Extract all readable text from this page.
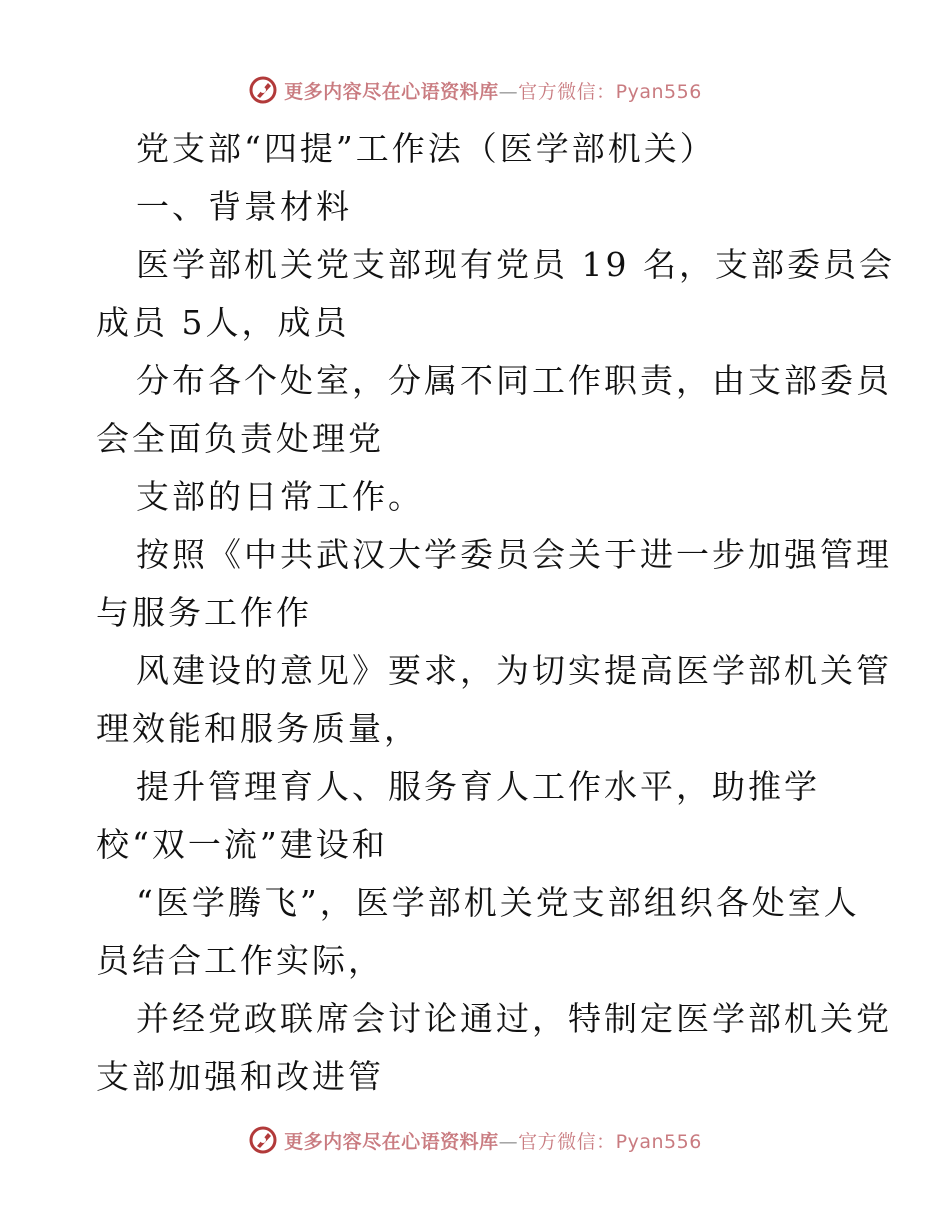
更多内容尽在心语资料库—官方微信：Pyan556
党支部“四提”工作法（医学部机关）
一、背景材料
医学部机关党支部现有党员 19 名，支部委员会
成员 5人，成员
分布各个处室，分属不同工作职责，由支部委员
会全面负责处理党
支部的日常工作。
按照《中共武汉大学委员会关于进一步加强管理
与服务工作作
风建设的意见》要求，为切实提高医学部机关管
理效能和服务质量，
提升管理育人、服务育人工作水平，助推学
校“双一流”建设和
“医学腾飞”，医学部机关党支部组织各处室人
员结合工作实际，
并经党政联席会讨论通过，特制定医学部机关党
支部加强和改进管
更多内容尽在心语资料库—官方微信：Pyan556
